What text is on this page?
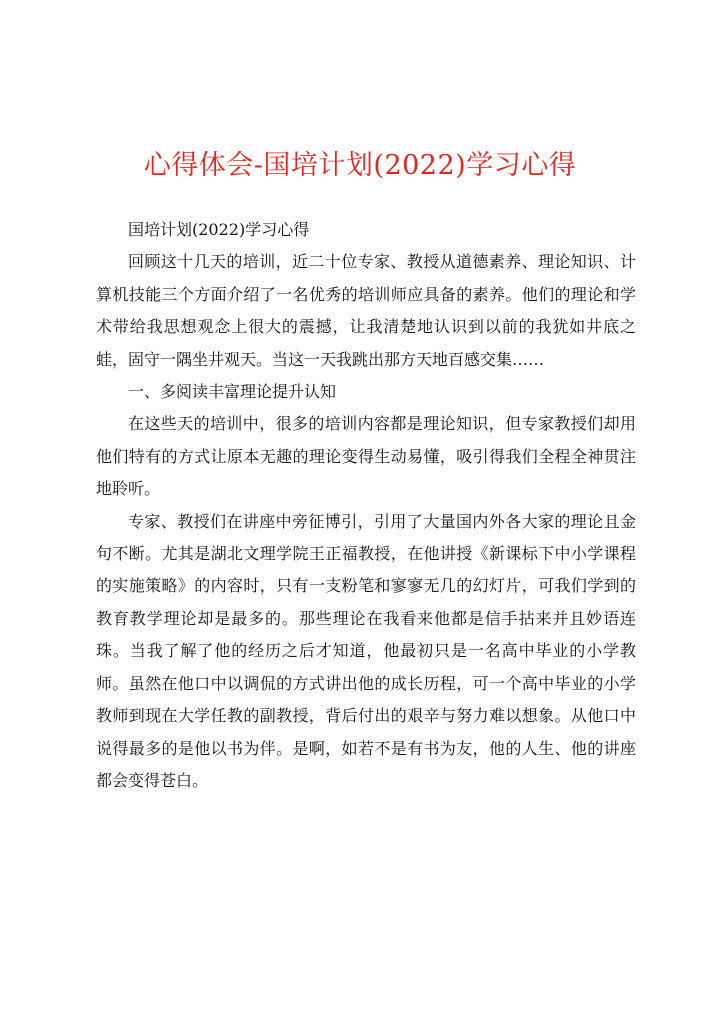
心得体会-国培计划(2022)学习心得

国培计划(2022)学习心得

回顾这十几天的培训，近二十位专家、教授从道德素养、理论知识、计算机技能三个方面介绍了一名优秀的培训师应具备的素养。他们的理论和学术带给我思想观念上很大的震撼，让我清楚地认识到以前的我犹如井底之蛙，固守一隅坐井观天。当这一天我跳出那方天地百感交集……

一、多阅读丰富理论提升认知

在这些天的培训中，很多的培训内容都是理论知识，但专家教授们却用他们特有的方式让原本无趣的理论变得生动易懂，吸引得我们全程全神贯注地聆听。

专家、教授们在讲座中旁征博引，引用了大量国内外各大家的理论且金句不断。尤其是湖北文理学院王正福教授，在他讲授《新课标下中小学课程的实施策略》的内容时，只有一支粉笔和寥寥无几的幻灯片，可我们学到的教育教学理论却是最多的。那些理论在我看来他都是信手拈来并且妙语连珠。当我了解了他的经历之后才知道，他最初只是一名高中毕业的小学教师。虽然在他口中以调侃的方式讲出他的成长历程，可一个高中毕业的小学教师到现在大学任教的副教授，背后付出的艰辛与努力难以想象。从他口中说得最多的是他以书为伴。是啊，如若不是有书为友，他的人生、他的讲座都会变得苍白。
